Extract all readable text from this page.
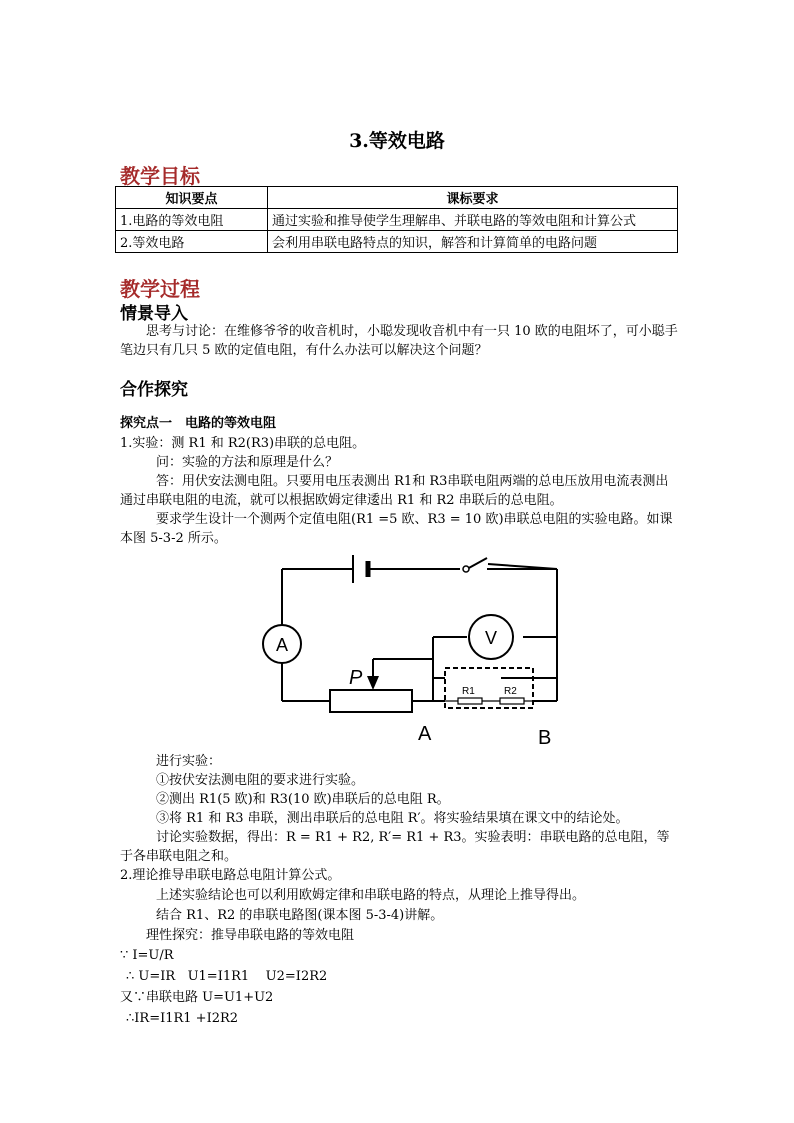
3.等效电路
教学目标
知识要点	课标要求
1.电路的等效电阻	通过实验和推导使学生理解串、并联电路的等效电阻和计算公式
2.等效电路	会利用串联电路特点的知识，解答和计算简单的电路问题
教学过程
情景导入
思考与讨论：在维修爷爷的收音机时，小聪发现收音机中有一只 10 欧的电阻坏了，可小聪手笔边只有几只 5 欧的定值电阻，有什么办法可以解决这个问题？
合作探究
探究点一　电路的等效电阻
1.实验：测 R1 和 R2(R3)串联的总电阻。
问：实验的方法和原理是什么？
答：用伏安法测电阻。只要用电压表测出 R1和 R3串联电阻两端的总电压放用电流表测出通过串联电阻的电流，就可以根据欧姆定律逶出 R1 和 R2 串联后的总电阻。
要求学生设计一个测两个定值电阻(R1 =5 欧、R3 = 10 欧)串联总电阻的实验电路。如课本图 5-3-2 所示。
A	V
P
R1	R2
A	B
进行实验：
①按伏安法测电阻的要求进行实验。
②测出 R1(5 欧)和 R3(10 欧)串联后的总电阻 R。
③将 R1 和 R3 串联，测出串联后的总电阻 R′。将实验结果填在课文中的结论处。
讨论实验数据，得出：R = R1 + R2, R′= R1 + R3。实验表明：串联电路的总电阻，等于各串联电阻之和。
2.理论推导串联电路总电阻计算公式。
上述实验结论也可以利用欧姆定律和串联电路的特点，从理论上推导得出。
结合 R1、R2 的串联电路图(课本图 5-3-4)讲解。
理性探究：推导串联电路的等效电阻
∵ I=U/R
∴ U=IR   U1=I1R1    U2=I2R2
又∵串联电路 U=U1+U2
∴IR=I1R1 +I2R2
